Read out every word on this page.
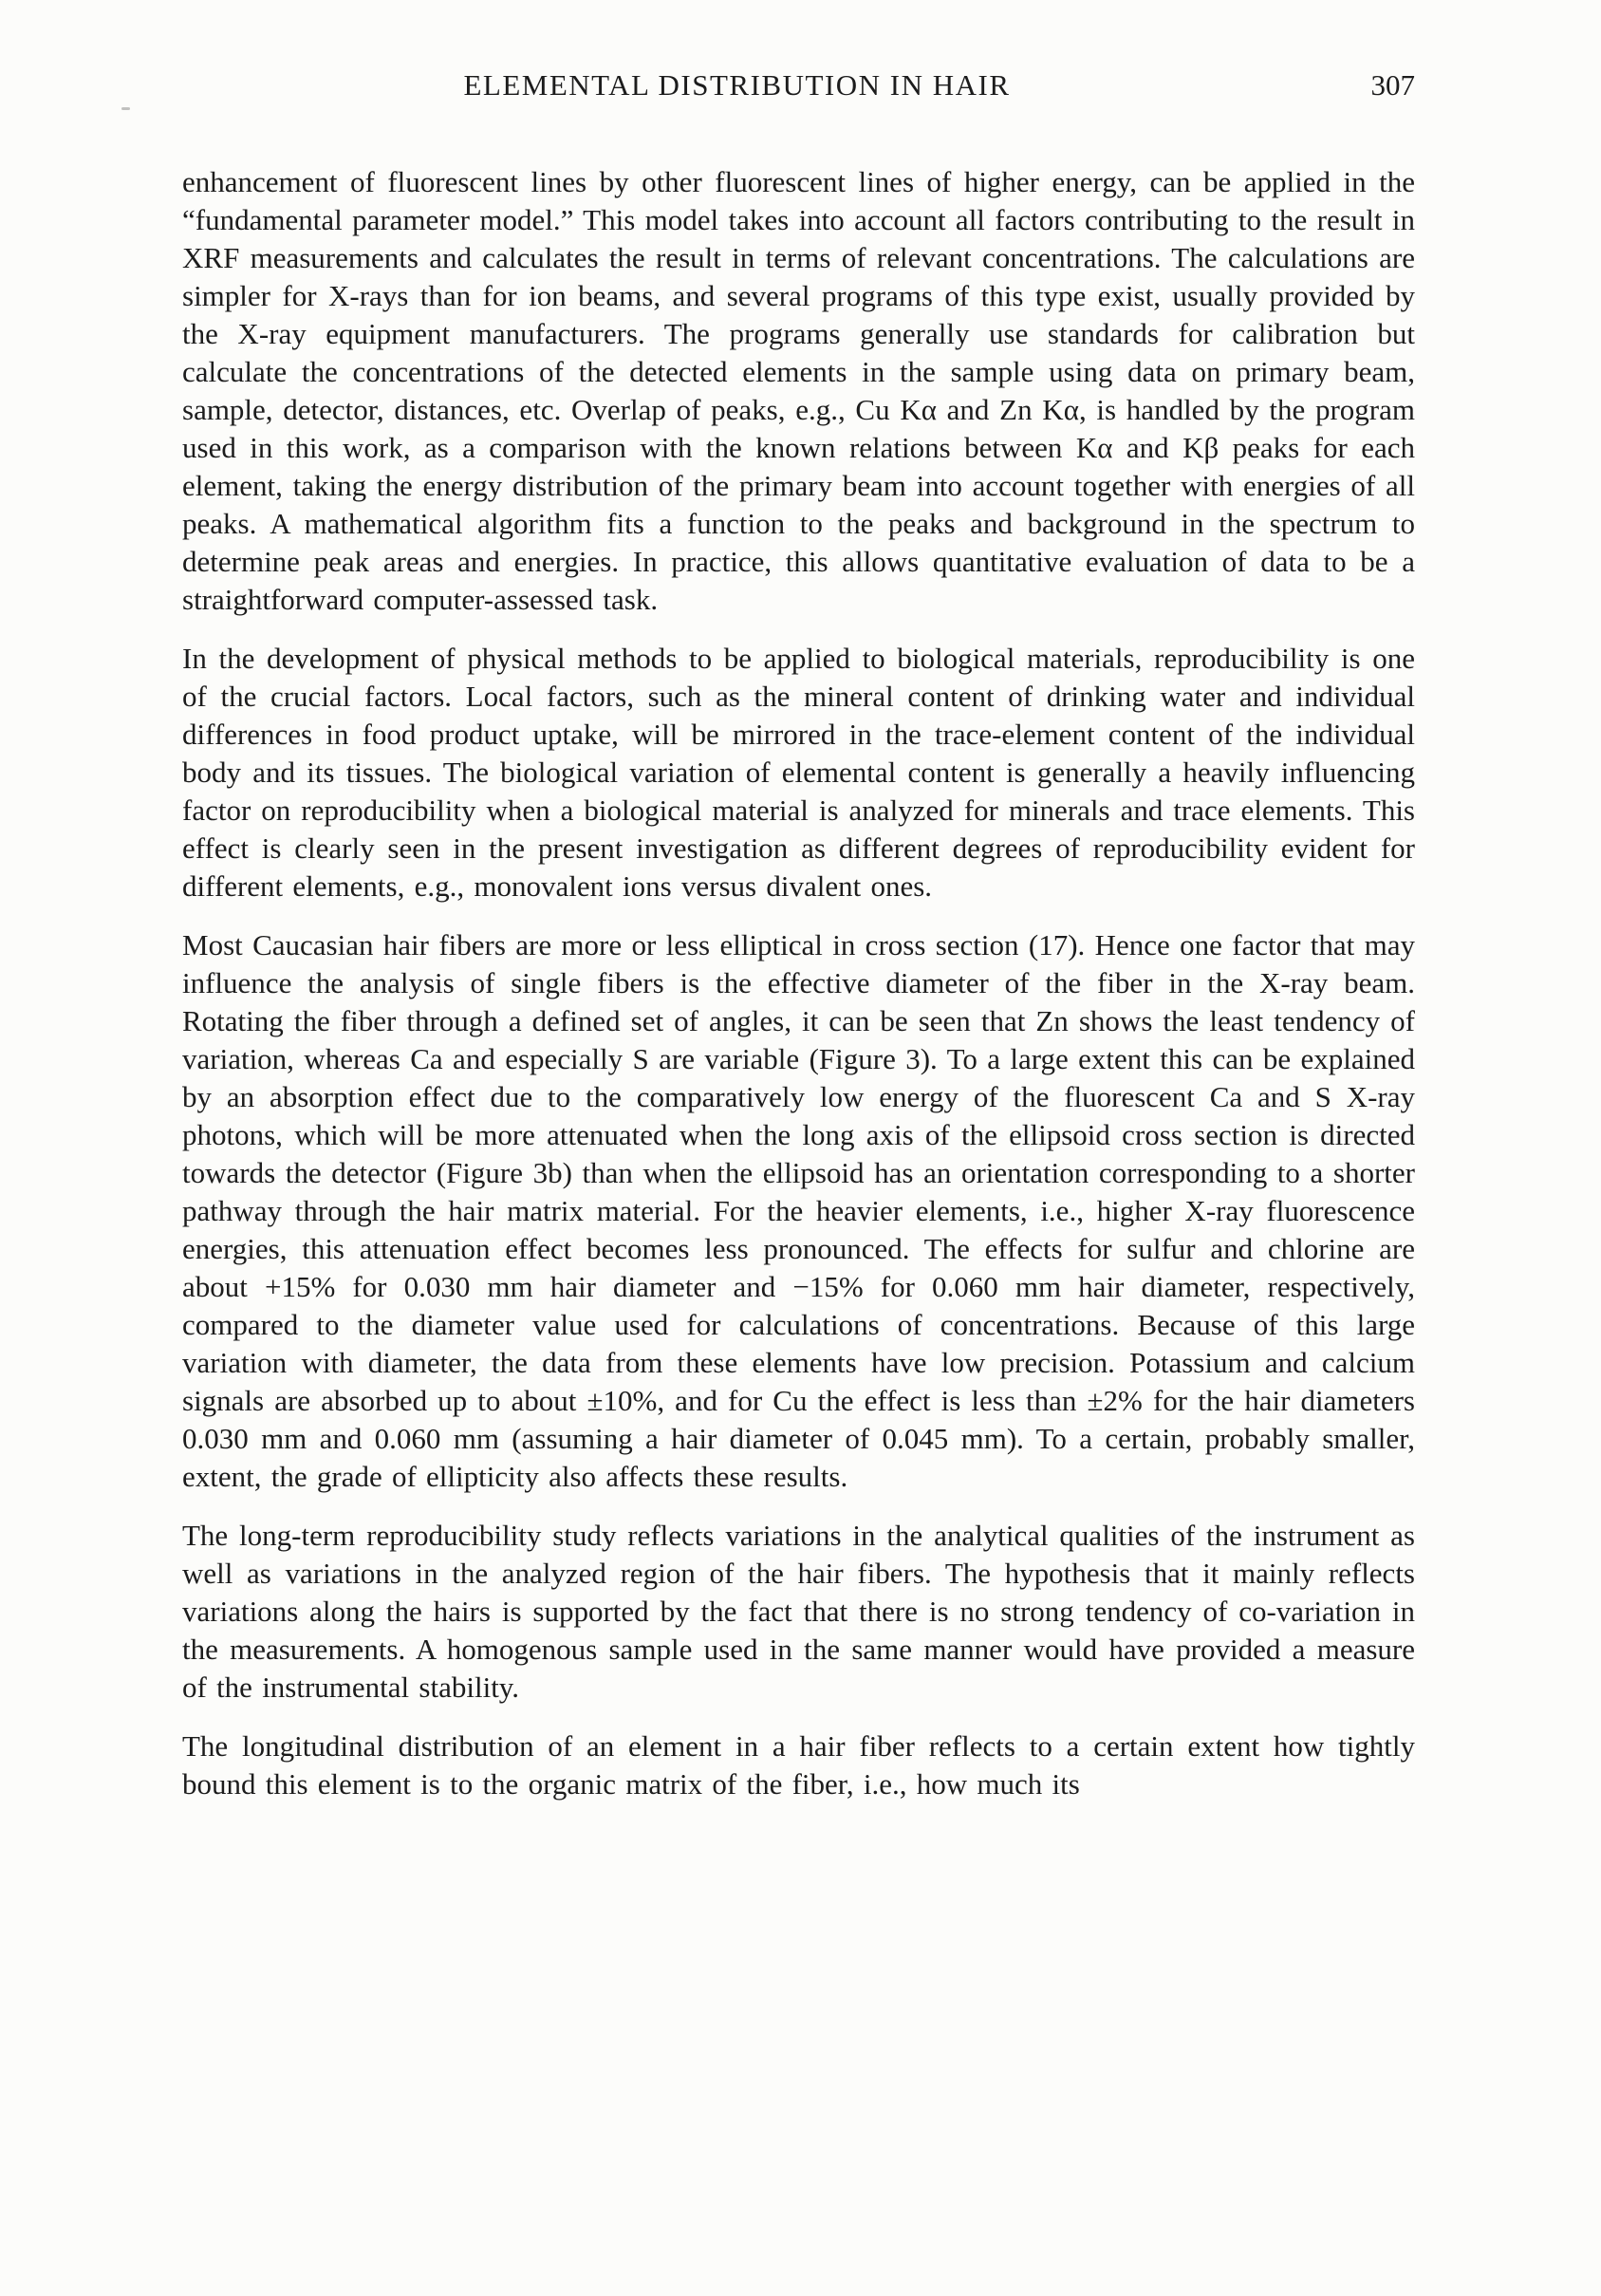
ELEMENTAL DISTRIBUTION IN HAIR	307

enhancement of fluorescent lines by other fluorescent lines of higher energy, can be applied in the “fundamental parameter model.” This model takes into account all factors contributing to the result in XRF measurements and calculates the result in terms of relevant concentrations. The calculations are simpler for X-rays than for ion beams, and several programs of this type exist, usually provided by the X-ray equipment manufacturers. The programs generally use standards for calibration but calculate the concentrations of the detected elements in the sample using data on primary beam, sample, detector, distances, etc. Overlap of peaks, e.g., Cu Kα and Zn Kα, is handled by the program used in this work, as a comparison with the known relations between Kα and Kβ peaks for each element, taking the energy distribution of the primary beam into account together with energies of all peaks. A mathematical algorithm fits a function to the peaks and background in the spectrum to determine peak areas and energies. In practice, this allows quantitative evaluation of data to be a straightforward computer-assessed task.

In the development of physical methods to be applied to biological materials, reproducibility is one of the crucial factors. Local factors, such as the mineral content of drinking water and individual differences in food product uptake, will be mirrored in the trace-element content of the individual body and its tissues. The biological variation of elemental content is generally a heavily influencing factor on reproducibility when a biological material is analyzed for minerals and trace elements. This effect is clearly seen in the present investigation as different degrees of reproducibility evident for different elements, e.g., monovalent ions versus divalent ones.

Most Caucasian hair fibers are more or less elliptical in cross section (17). Hence one factor that may influence the analysis of single fibers is the effective diameter of the fiber in the X-ray beam. Rotating the fiber through a defined set of angles, it can be seen that Zn shows the least tendency of variation, whereas Ca and especially S are variable (Figure 3). To a large extent this can be explained by an absorption effect due to the comparatively low energy of the fluorescent Ca and S X-ray photons, which will be more attenuated when the long axis of the ellipsoid cross section is directed towards the detector (Figure 3b) than when the ellipsoid has an orientation corresponding to a shorter pathway through the hair matrix material. For the heavier elements, i.e., higher X-ray fluorescence energies, this attenuation effect becomes less pronounced. The effects for sulfur and chlorine are about +15% for 0.030 mm hair diameter and −15% for 0.060 mm hair diameter, respectively, compared to the diameter value used for calculations of concentrations. Because of this large variation with diameter, the data from these elements have low precision. Potassium and calcium signals are absorbed up to about ±10%, and for Cu the effect is less than ±2% for the hair diameters 0.030 mm and 0.060 mm (assuming a hair diameter of 0.045 mm). To a certain, probably smaller, extent, the grade of ellipticity also affects these results.

The long-term reproducibility study reflects variations in the analytical qualities of the instrument as well as variations in the analyzed region of the hair fibers. The hypothesis that it mainly reflects variations along the hairs is supported by the fact that there is no strong tendency of co-variation in the measurements. A homogenous sample used in the same manner would have provided a measure of the instrumental stability.

The longitudinal distribution of an element in a hair fiber reflects to a certain extent how tightly bound this element is to the organic matrix of the fiber, i.e., how much its
